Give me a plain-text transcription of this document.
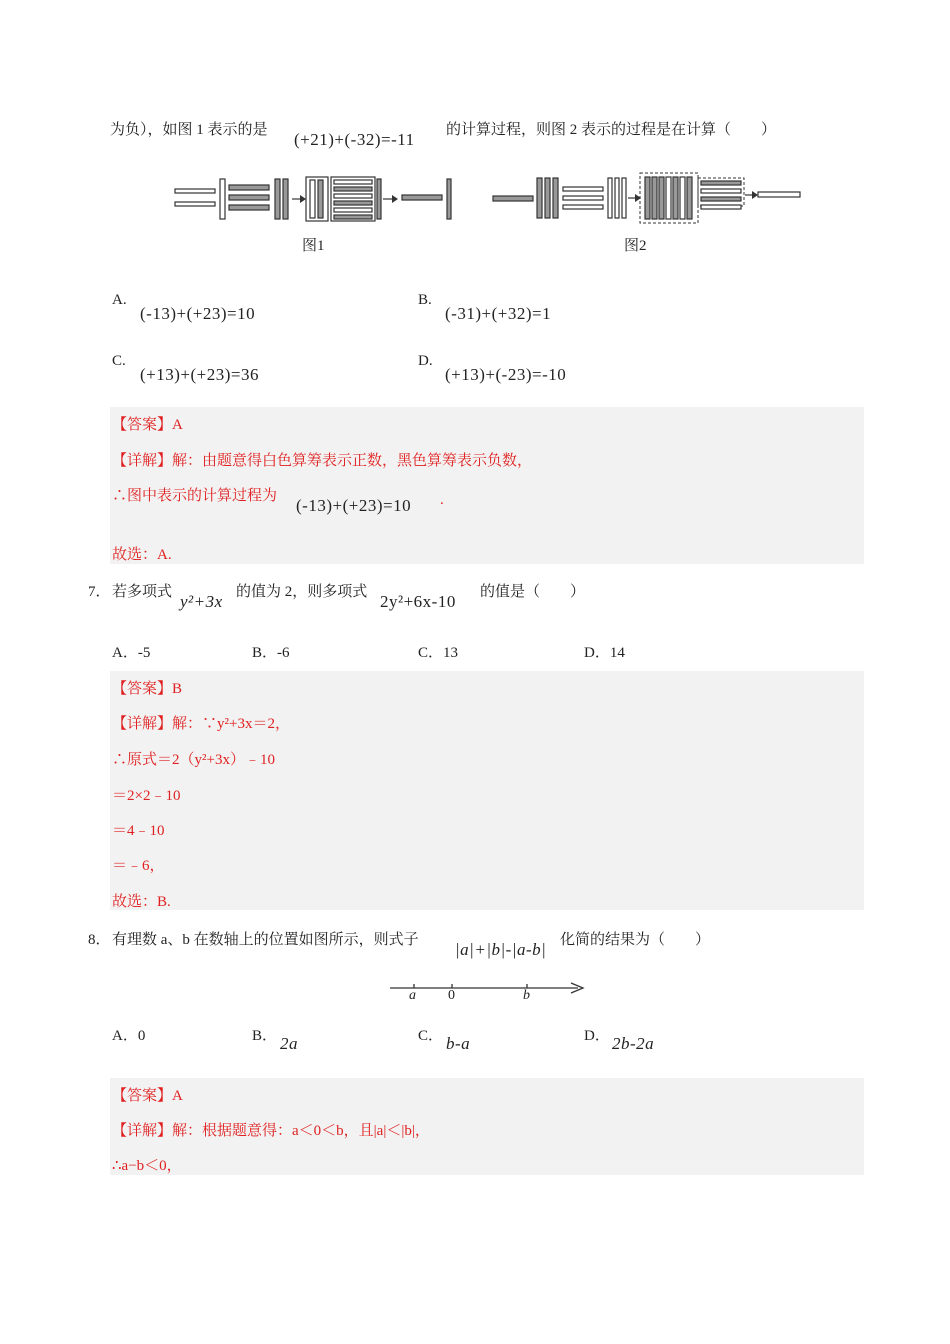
为负），如图 1 表示的是 (+21)+(-32)=-11 的计算过程，则图 2 表示的过程是在计算（　　）
图1	图2
A.
(-13)+(+23)=10
B.
(-31)+(+32)=1
C.
(+13)+(+23)=36
D.
(+13)+(-23)=-10
【答案】A
【详解】解：由题意得白色算筹表示正数，黑色算筹表示负数，
∴图中表示的计算过程为 (-13)+(+23)=10 .
故选：A.
7． 若多项式 y²+3x 的值为 2，则多项式 2y²+6x-10 的值是（　　）
A．-5	B．-6	C．13	D．14
【答案】B
【详解】解：∵y²+3x＝2，
∴原式＝2（y²+3x）﹣10
＝2×2﹣10
＝4﹣10
＝﹣6，
故选：B.
8． 有理数 a、b 在数轴上的位置如图所示，则式子 |a|+|b|-|a-b| 化简的结果为（　　）
a 0	b
A．0	B． 2a	C． b-a	D． 2b-2a
【答案】A
【详解】解：根据题意得：a＜0＜b，且|a|＜|b|，
∴a−b＜0，
